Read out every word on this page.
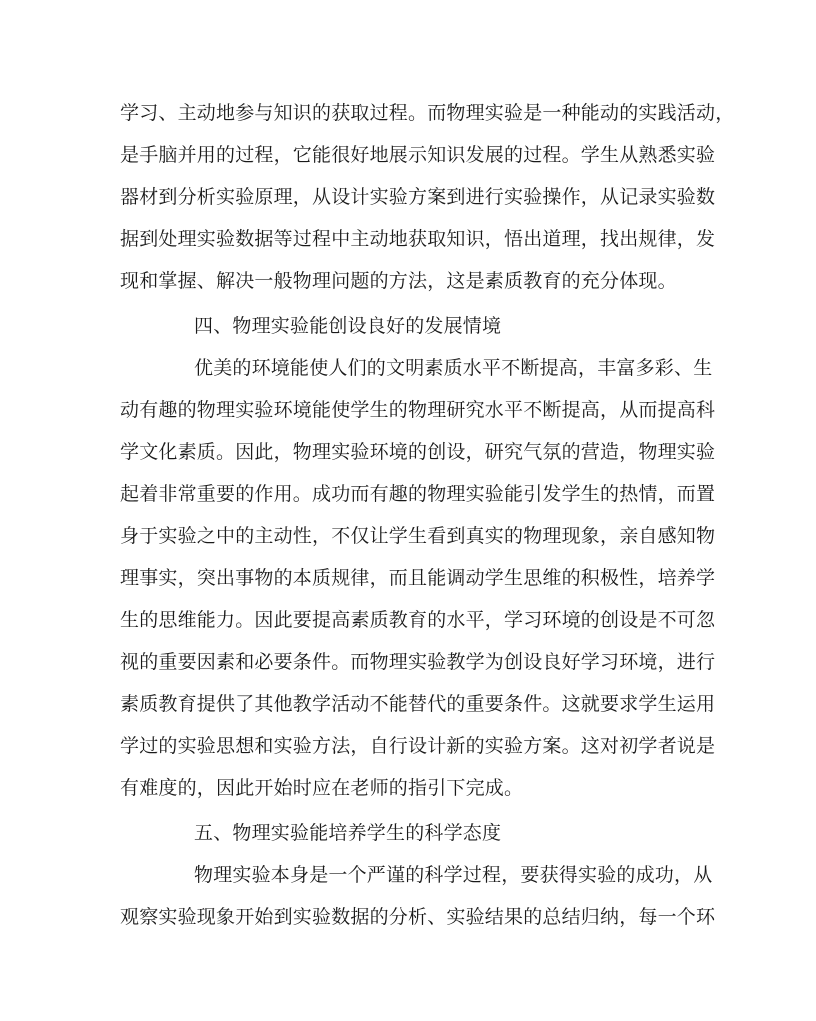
学习、主动地参与知识的获取过程。而物理实验是一种能动的实践活动，
是手脑并用的过程，它能很好地展示知识发展的过程。学生从熟悉实验
器材到分析实验原理，从设计实验方案到进行实验操作，从记录实验数
据到处理实验数据等过程中主动地获取知识，悟出道理，找出规律，发
现和掌握、解决一般物理问题的方法，这是素质教育的充分体现。
四、物理实验能创设良好的发展情境
优美的环境能使人们的文明素质水平不断提高，丰富多彩、生
动有趣的物理实验环境能使学生的物理研究水平不断提高，从而提高科
学文化素质。因此，物理实验环境的创设，研究气氛的营造，物理实验
起着非常重要的作用。成功而有趣的物理实验能引发学生的热情，而置
身于实验之中的主动性，不仅让学生看到真实的物理现象，亲自感知物
理事实，突出事物的本质规律，而且能调动学生思维的积极性，培养学
生的思维能力。因此要提高素质教育的水平，学习环境的创设是不可忽
视的重要因素和必要条件。而物理实验教学为创设良好学习环境，进行
素质教育提供了其他教学活动不能替代的重要条件。这就要求学生运用
学过的实验思想和实验方法，自行设计新的实验方案。这对初学者说是
有难度的，因此开始时应在老师的指引下完成。
五、物理实验能培养学生的科学态度
物理实验本身是一个严谨的科学过程，要获得实验的成功，从
观察实验现象开始到实验数据的分析、实验结果的总结归纳，每一个环
